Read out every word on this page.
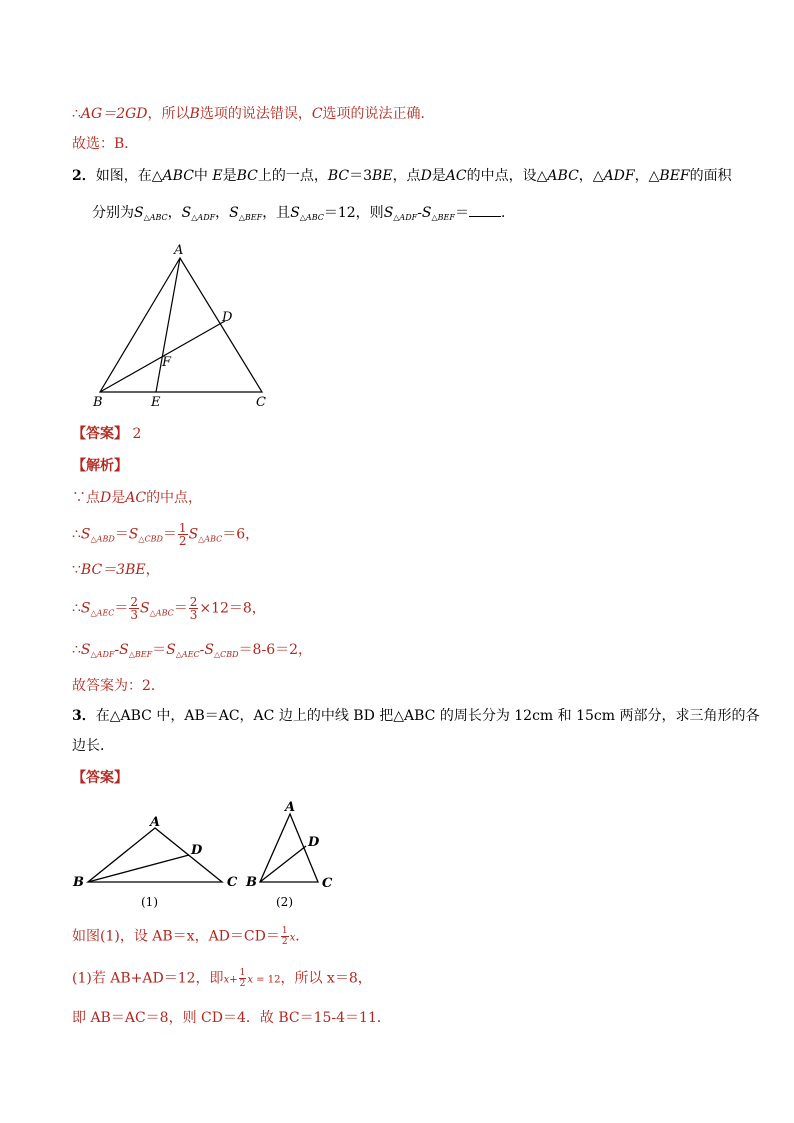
∴AG＝2GD，所以B选项的说法错误，C选项的说法正确．
故选：B．
2．如图，在△ABC中 E是BC上的一点，BC＝3BE，点D是AC的中点，设△ABC，△ADF，△BEF的面积
分别为$S_{\triangle ABC}$，$S_{\triangle ADF}$，$S_{\triangle BEF}$，且$S_{\triangle ABC}=12$，则$S_{\triangle ADF}-S_{\triangle BEF}=$ ．
A
B	C
D
E
F
【答案】 2
【解析】
∵点D是AC的中点，
$\therefore S_{\triangle ABD}=S_{\triangle CBD}= \frac{1}{2} S_{\triangle ABC}=6$，
∵BC＝3BE，
$\therefore S_{\triangle AEC}= \frac{2}{3} S_{\triangle ABC}= \frac{2}{3} \times 12=8$，
$\therefore S_{\triangle ADF}-S_{\triangle BEF}=S_{\triangle AEC}-S_{\triangle CBD}=8-6=2$，
故答案为：2．
3．在△ABC 中，AB＝AC，AC 边上的中线 BD 把△ABC 的周长分为 12cm 和 15cm 两部分，求三角形的各
边长．
【答案】
A
B	C
D
(1)
A
B	C
D
(2)
如图(1)，设 AB＝x，$AD=CD= \frac{1}{2}$ x．
(1)若 AB+AD＝12，即$x+ \frac{1}{2}$ x = 12，所以 x＝8，
即 AB＝AC＝8，则 CD＝4．故 BC＝15-4＝11．
